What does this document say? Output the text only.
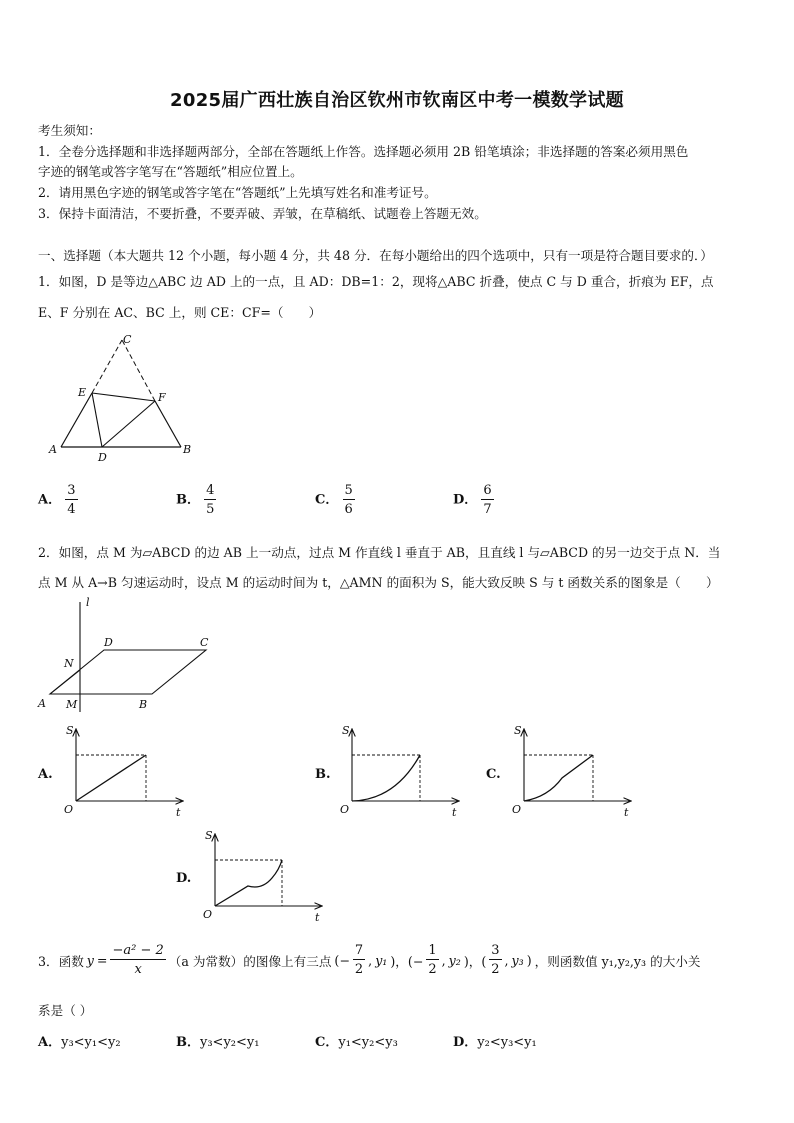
2025届广西壮族自治区钦州市钦南区中考一模数学试题
考生须知：
1．全卷分选择题和非选择题两部分，全部在答题纸上作答。选择题必须用 2B 铅笔填涂；非选择题的答案必须用黑色
字迹的钢笔或答字笔写在“答题纸”相应位置上。
2．请用黑色字迹的钢笔或答字笔在“答题纸”上先填写姓名和准考证号。
3．保持卡面清洁，不要折叠，不要弄破、弄皱，在草稿纸、试题卷上答题无效。
一、选择题（本大题共 12 个小题，每小题 4 分，共 48 分．在每小题给出的四个选项中，只有一项是符合题目要求的．）
1．如图，D 是等边△ABC 边 AD 上的一点，且 AD：DB=1：2，现将△ABC 折叠，使点 C 与 D 重合，折痕为 EF，点
E、F 分别在 AC、BC 上，则 CE：CF=（　　）
C
E	F
A
D
B
A． $\frac{3}{4}$	B． $\frac{4}{5}$	C． $\frac{5}{6}$	D． $\frac{6}{7}$
2．如图，点 M 为▱ABCD 的边 AB 上一动点，过点 M 作直线 l 垂直于 AB，且直线 l 与▱ABCD 的另一边交于点 N．当
点 M 从 A→B 匀速运动时，设点 M 的运动时间为 t，△AMN 的面积为 S，能大致反映 S 与 t 函数关系的图象是（　　）
l
D	C
N
A M	B
S
O	t
S
O	t
S
O	t
S
O	t
A.	B.	C.
D.
3．函数 $y = \frac{\text{−a² − 2}}{x} (a$ 为常数）的图像上有三点 (− $\frac{7}{2}$ , y₁ )，(− $\frac{1}{2}$ , y₂ )，( $\frac{3}{2}$ , y₃ ) ，则函数值 y₁,y₂,y₃ 的大小关
系是（ ）
A．y₃<y₁<y₂	B．y₃<y₂<y₁	C．y₁<y₂<y₃	D．y₂<y₃<y₁
